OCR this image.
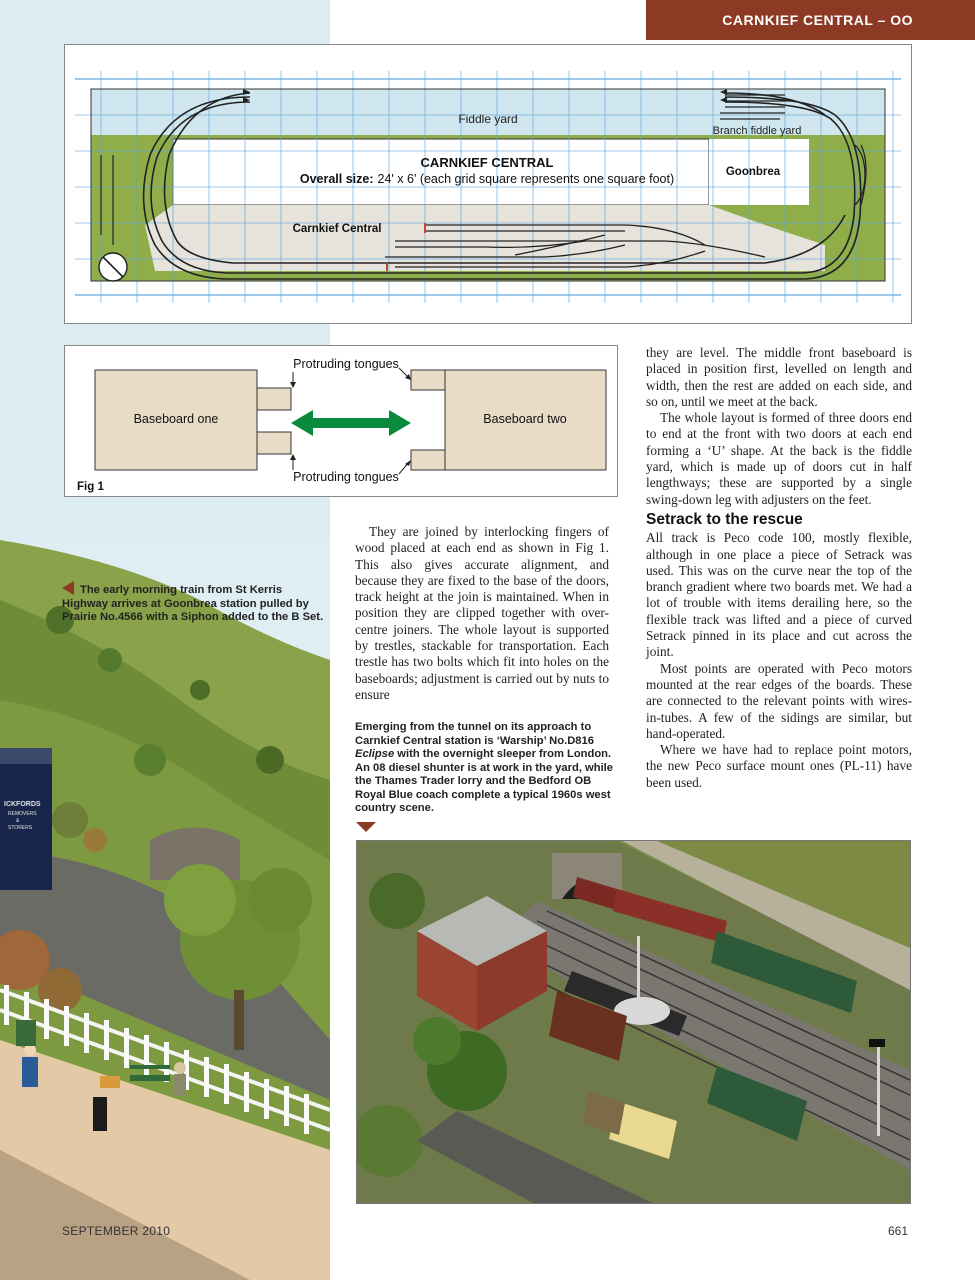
ICKFORDS
REMOVERS
&
STORERS
CARNKIEF CENTRAL – OO
Fiddle yard
Branch fiddle yard
CARNKIEF CENTRAL
Overall size: 24' x 6' (each grid square represents one square foot)	Goonbrea
Carnkief Central
Baseboard one	Baseboard two
Protruding tongues
Protruding tongues
Fig 1
The early morning train from St Kerris Highway arrives at Goonbrea station pulled by Prairie No.4566 with a Siphon added to the B Set.

They are joined by interlocking fingers of wood placed at each end as shown in Fig 1. This also gives accurate alignment, and because they are fixed to the base of the doors, track height at the join is maintained. When in position they are clipped together with over-centre joiners. The whole layout is supported by trestles, stackable for transportation. Each trestle has two bolts which fit into holes on the baseboards; adjustment is carried out by nuts to ensure

Emerging from the tunnel on its approach to Carnkief Central station is ‘Warship’ No.D816 Eclipse with the overnight sleeper from London. An 08 diesel shunter is at work in the yard, while the Thames Trader lorry and the Bedford OB Royal Blue coach complete a typical 1960s west country scene.

they are level. The middle front baseboard is placed in position first, levelled on length and width, then the rest are added on each side, and so on, until we meet at the back.

The whole layout is formed of three doors end to end at the front with two doors at each end forming a ‘U’ shape. At the back is the fiddle yard, which is made up of doors cut in half lengthways; these are supported by a single swing-down leg with adjusters on the feet.

Setrack to the rescue

All track is Peco code 100, mostly flexible, although in one place a piece of Setrack was used. This was on the curve near the top of the branch gradient where two boards met. We had a lot of trouble with items derailing here, so the flexible track was lifted and a piece of curved Setrack pinned in its place and cut across the joint.

Most points are operated with Peco motors mounted at the rear edges of the boards. These are connected to the relevant points with wires-in-tubes. A few of the sidings are similar, but hand-operated.

Where we have had to replace point motors, the new Peco surface mount ones (PL-11) have been used.

SEPTEMBER 2010	661
